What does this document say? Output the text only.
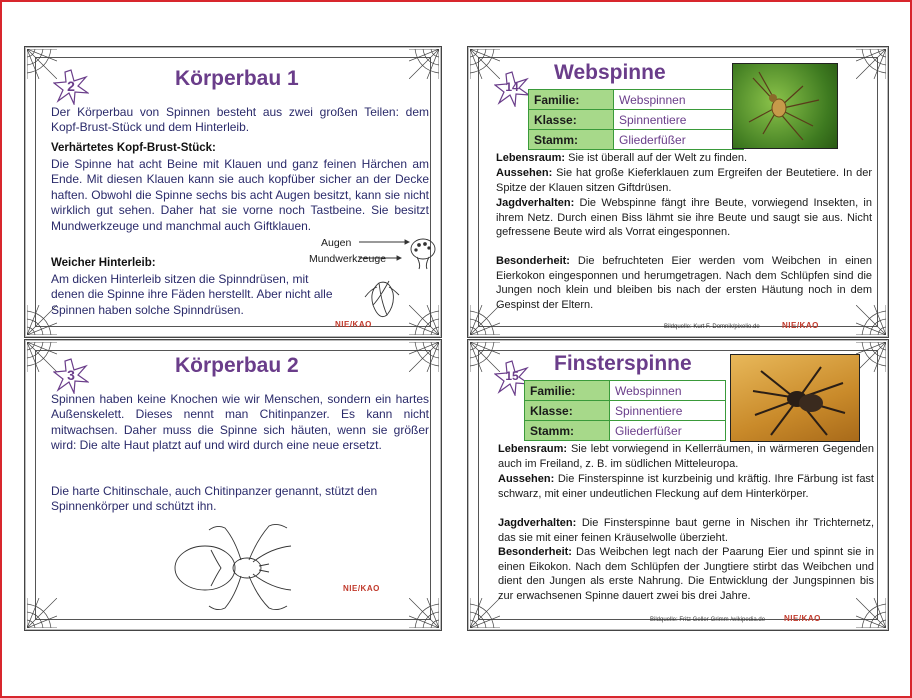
2	Körperbau 1
Der Körperbau von Spinnen besteht aus zwei großen Teilen: dem Kopf-Brust-Stück und dem Hinterleib.
Verhärtetes Kopf-Brust-Stück:
Die Spinne hat acht Beine mit Klauen und ganz feinen Härchen am Ende. Mit diesen Klauen kann sie auch kopfüber sicher an der Decke haften. Obwohl die Spinne sechs bis acht Augen besitzt, kann sie nicht wirklich gut sehen. Daher hat sie vorne noch Tastbeine. Sie besitzt Mundwerkzeuge und manchmal auch Giftklauen.
Weicher Hinterleib:
Am dicken Hinterleib sitzen die Spinndrüsen, mit denen die Spinne ihre Fäden herstellt. Aber nicht alle Spinnen haben solche Spinndrüsen.
Augen
Mundwerkzeuge
NIE/KAO
3	Körperbau 2
Spinnen haben keine Knochen wie wir Menschen, sondern ein hartes Außenskelett. Dieses nennt man Chitinpanzer. Es kann nicht mitwachsen. Daher muss die Spinne sich häuten, wenn sie größer wird: Die alte Haut platzt auf und wird durch eine neue ersetzt.
Die harte Chitinschale, auch Chitinpanzer genannt, stützt den Spinnenkörper und schützt ihn.
NIE/KAO
14
Webspinne
Familie:	Webspinnen
Klasse:	Spinnentiere
Stamm:	Gliederfüßer
Lebensraum: Sie ist überall auf der Welt zu finden.
Aussehen: Sie hat große Kieferklauen zum Ergreifen der Beutetiere. In der Spitze der Klauen sitzen Giftdrüsen.
Jagdverhalten: Die Webspinne fängt ihre Beute, vorwiegend Insekten, in ihrem Netz. Durch einen Biss lähmt sie ihre Beute und saugt sie aus. Nicht gefressene Beute wird als Vorrat eingesponnen.
Besonderheit: Die befruchteten Eier werden vom Weibchen in einen Eierkokon eingesponnen und herumgetragen. Nach dem Schlüpfen sind die Jungen noch klein und bleiben bis nach der ersten Häutung noch in dem Gespinst der Eltern.
Bildquelle: Kurt F. Domnik/pixelio.de	NIE/KAO
15
Finsterspinne
Familie:	Webspinnen
Klasse:	Spinnentiere
Stamm:	Gliederfüßer
Lebensraum: Sie lebt vorwiegend in Kellerräumen, in wärmeren Gegenden auch im Freiland, z. B. im südlichen Mitteleuropa.
Aussehen: Die Finsterspinne ist kurzbeinig und kräftig. Ihre Färbung ist fast schwarz, mit einer undeutlichen Fleckung auf dem Hinterkörper.
Jagdverhalten: Die Finsterspinne baut gerne in Nischen ihr Trichternetz, das sie mit einer feinen Kräuselwolle überzieht.
Besonderheit: Das Weibchen legt nach der Paarung Eier und spinnt sie in einen Eikokon. Nach dem Schlüpfen der Jungtiere stirbt das Weibchen und dient den Jungen als erste Nahrung. Die Entwicklung der Jungspinnen bis zur erwachsenen Spinne dauert zwei bis drei Jahre.
Bildquelle: Fritz Geller-Grimm /wikipedia.de NIE/KAO
